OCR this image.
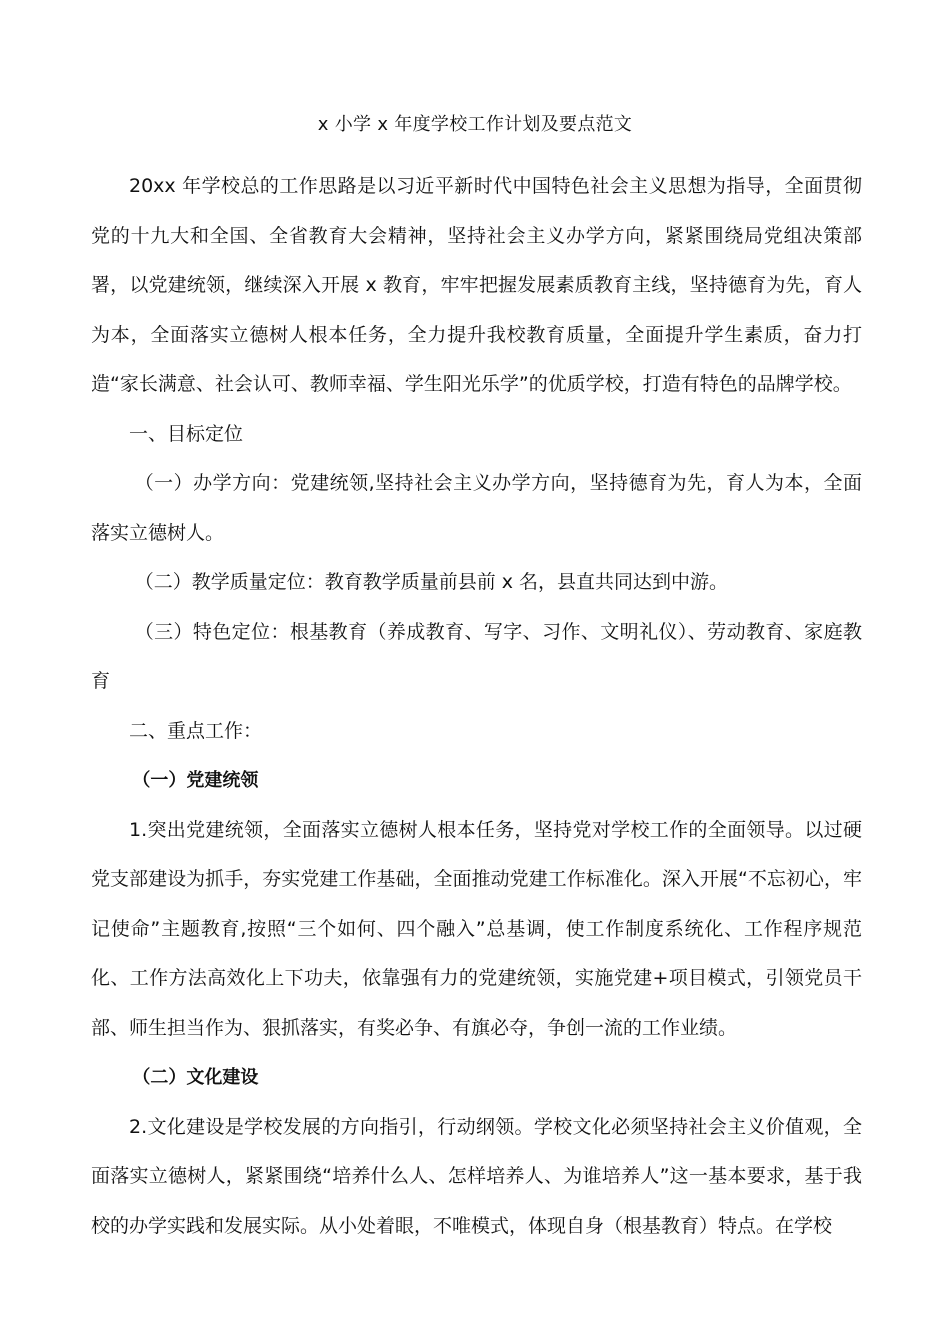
x 小学 x 年度学校工作计划及要点范文

20xx 年学校总的工作思路是以习近平新时代中国特色社会主义思想为指导，全面贯彻党的十九大和全国、全省教育大会精神，坚持社会主义办学方向，紧紧围绕局党组决策部署，以党建统领，继续深入开展 x 教育，牢牢把握发展素质教育主线，坚持德育为先，育人为本，全面落实立德树人根本任务，全力提升我校教育质量，全面提升学生素质，奋力打造“家长满意、社会认可、教师幸福、学生阳光乐学”的优质学校，打造有特色的品牌学校。

一、目标定位

（一）办学方向：党建统领,坚持社会主义办学方向，坚持德育为先，育人为本，全面落实立德树人。

（二）教学质量定位：教育教学质量前县前 x 名，县直共同达到中游。

（三）特色定位：根基教育（养成教育、写字、习作、文明礼仪）、劳动教育、家庭教育

二、重点工作：

（一）党建统领

1.突出党建统领，全面落实立德树人根本任务，坚持党对学校工作的全面领导。以过硬党支部建设为抓手，夯实党建工作基础，全面推动党建工作标准化。深入开展“不忘初心，牢记使命”主题教育,按照“三个如何、四个融入”总基调，使工作制度系统化、工作程序规范化、工作方法高效化上下功夫，依靠强有力的党建统领，实施党建+项目模式，引领党员干部、师生担当作为、狠抓落实，有奖必争、有旗必夺，争创一流的工作业绩。

（二）文化建设

2.文化建设是学校发展的方向指引，行动纲领。学校文化必须坚持社会主义价值观，全面落实立德树人，紧紧围绕“培养什么人、怎样培养人、为谁培养人”这一基本要求，基于我校的办学实践和发展实际。从小处着眼，不唯模式，体现自身（根基教育）特点。在学校
